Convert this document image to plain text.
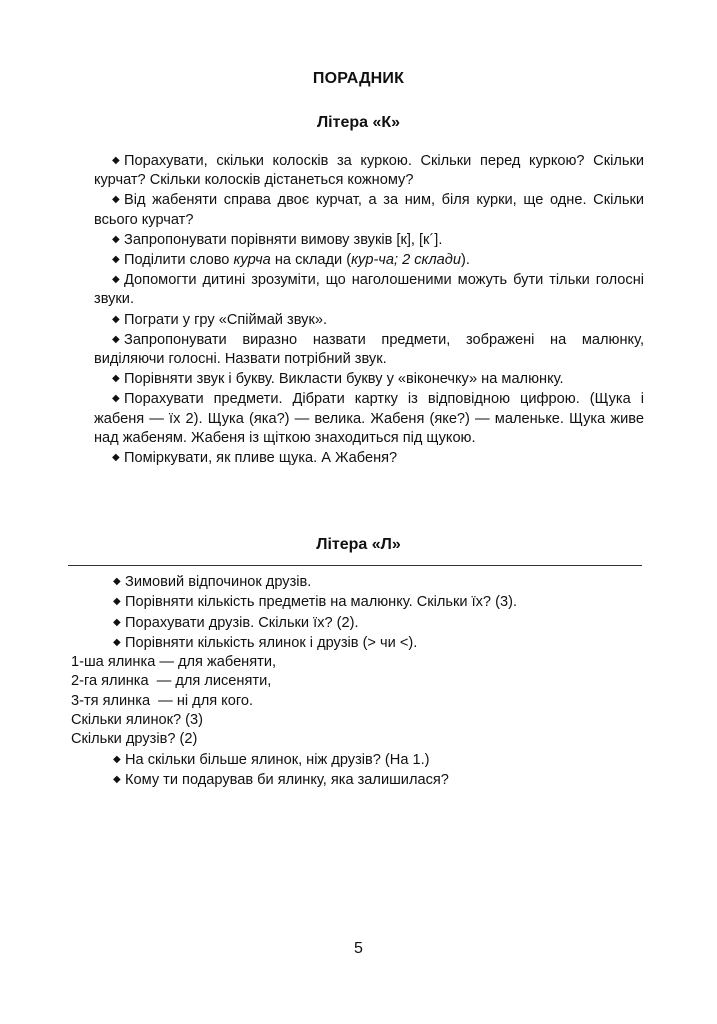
ПОРАДНИК
Літера «К»

◆ Порахувати, скільки колосків за куркою. Скільки перед куркою? Скільки курчат? Скільки колосків дістанеться кожному?

◆ Від жабеняти справа двоє курчат, а за ним, біля курки, ще одне. Скільки всього курчат?

◆ Запропонувати порівняти вимову звуків [к], [к´].

◆ Поділити слово курча на склади (кур-ча; 2 склади).

◆ Допомогти дитині зрозуміти, що наголошеними можуть бути тільки голосні звуки.

◆ Пограти у гру «Спіймай звук».

◆ Запропонувати виразно назвати предмети, зображені на малюнку, виділяючи голосні. Назвати потрібний звук.

◆ Порівняти звук і букву. Викласти букву у «віконечку» на малюнку.

◆ Порахувати предмети. Дібрати картку із відповідною цифрою. (Щука і жабеня — їх 2). Щука (яка?) — велика. Жабеня (яке?) — маленьке. Щука живе над жабеням. Жабеня із щіткою знаходиться під щукою.

◆ Поміркувати, як пливе щука. А Жабеня?

Літера «Л»

◆ Зимовий відпочинок друзів.

◆ Порівняти кількість предметів на малюнку. Скільки їх? (3).

◆ Порахувати друзів. Скільки їх? (2).

◆ Порівняти кількість ялинок і друзів (> чи <).

1-ша ялинка — для жабеняти,

2-га ялинка  — для лисеняти,

3-тя ялинка  — ні для кого.

Скільки ялинок? (3)

Скільки друзів? (2)

◆ На скільки більше ялинок, ніж друзів? (На 1.)

◆ Кому ти подарував би ялинку, яка залишилася?

5
